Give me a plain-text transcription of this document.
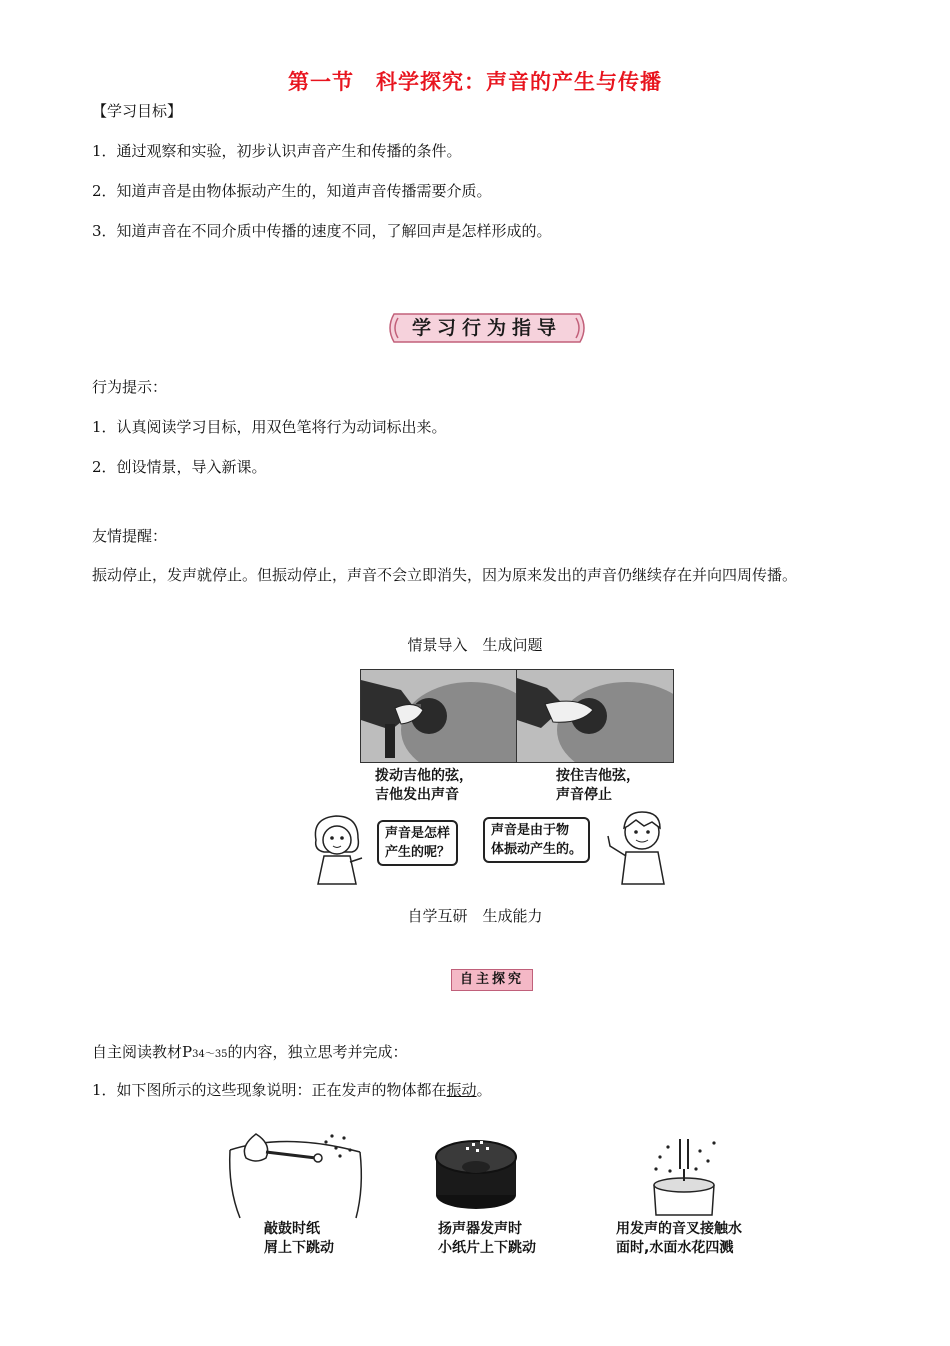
第一节　科学探究：声音的产生与传播
【学习目标】
1．通过观察和实验，初步认识声音产生和传播的条件。
2．知道声音是由物体振动产生的，知道声音传播需要介质。
3．知道声音在不同介质中传播的速度不同，了解回声是怎样形成的。
学习行为指导
行为提示：
1．认真阅读学习目标，用双色笔将行为动词标出来。
2．创设情景，导入新课。
友情提醒：
振动停止，发声就停止。但振动停止，声音不会立即消失，因为原来发出的声音仍继续存在并向四周传播。
情景导入　生成问题
拨动吉他的弦，
吉他发出声音
按住吉他弦，
声音停止
声音是怎样
产生的呢？
声音是由于物
体振动产生的。
自学互研　生成能力
自主探究
自主阅读教材P34～35的内容，独立思考并完成：
1．如下图所示的这些现象说明：正在发声的物体都在振动。
敲鼓时纸
屑上下跳动
扬声器发声时
小纸片上下跳动
用发声的音叉接触水
面时,水面水花四溅
